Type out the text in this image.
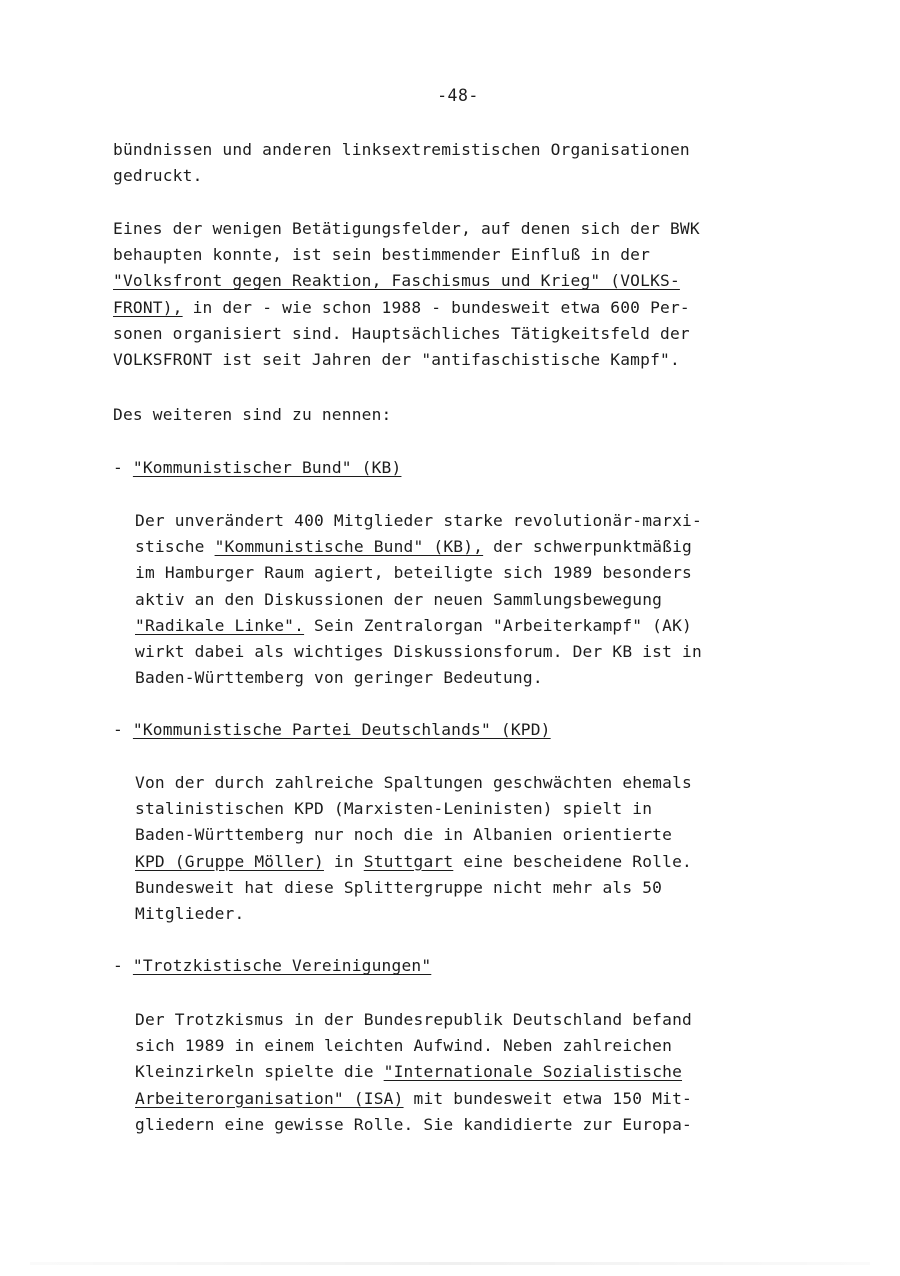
-48-
bündnissen und anderen linksextremistischen Organisationen
gedruckt.
Eines der wenigen Betätigungsfelder, auf denen sich der BWK
behaupten konnte, ist sein bestimmender Einfluß in der
"Volksfront gegen Reaktion, Faschismus und Krieg" (VOLKS-
FRONT), in der - wie schon 1988 - bundesweit etwa 600 Per-
sonen organisiert sind. Hauptsächliches Tätigkeitsfeld der
VOLKSFRONT ist seit Jahren der "antifaschistische Kampf".
Des weiteren sind zu nennen:
- "Kommunistischer Bund" (KB)
Der unverändert 400 Mitglieder starke revolutionär-marxi-
stische "Kommunistische Bund" (KB), der schwerpunktmäßig
im Hamburger Raum agiert, beteiligte sich 1989 besonders
aktiv an den Diskussionen der neuen Sammlungsbewegung
"Radikale Linke". Sein Zentralorgan "Arbeiterkampf" (AK)
wirkt dabei als wichtiges Diskussionsforum. Der KB ist in
Baden-Württemberg von geringer Bedeutung.
- "Kommunistische Partei Deutschlands" (KPD)
Von der durch zahlreiche Spaltungen geschwächten ehemals
stalinistischen KPD (Marxisten-Leninisten) spielt in
Baden-Württemberg nur noch die in Albanien orientierte
KPD (Gruppe Möller) in Stuttgart eine bescheidene Rolle.
Bundesweit hat diese Splittergruppe nicht mehr als 50
Mitglieder.
- "Trotzkistische Vereinigungen"
Der Trotzkismus in der Bundesrepublik Deutschland befand
sich 1989 in einem leichten Aufwind. Neben zahlreichen
Kleinzirkeln spielte die "Internationale Sozialistische
Arbeiterorganisation" (ISA) mit bundesweit etwa 150 Mit-
gliedern eine gewisse Rolle. Sie kandidierte zur Europa-
